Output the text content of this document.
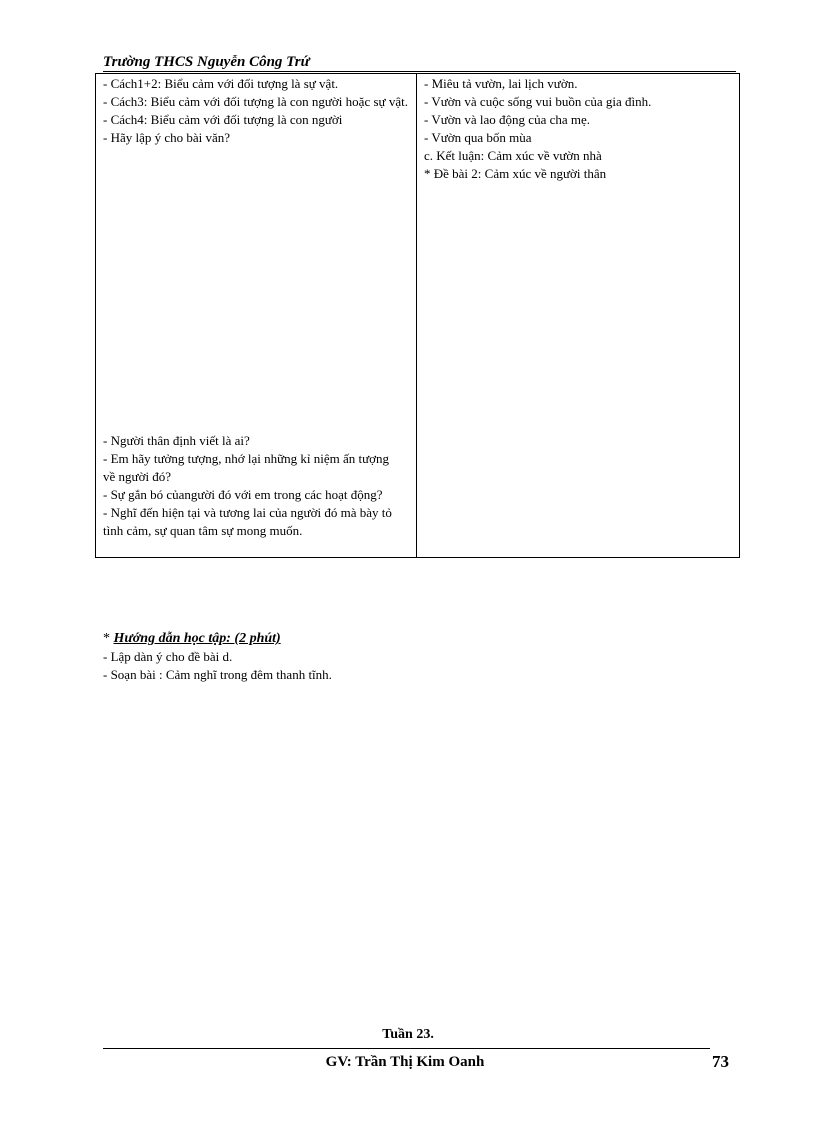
Trường THCS Nguyễn Công Trứ
- Cách1+2: Biểu cảm với đối tượng là sự vật.
- Cách3: Biểu cảm với đối tượng là con người hoặc sự vật.
- Cách4: Biểu cảm với đối tượng là con người
- Hãy lập ý cho bài văn?
- Người thân định viết là ai?
- Em hãy tưởng tượng, nhớ lại những kỉ niệm ấn tượng về người đó?
- Sự gắn bó củangười đó với em trong các hoạt động?
- Nghĩ đến hiện tại và tương lai của người đó mà bày tỏ tình cảm, sự quan tâm sự mong muốn.
- Miêu tả vườn, lai lịch vườn.
- Vườn và cuộc sống vui buồn của gia đình.
- Vườn và lao động của cha mẹ.
- Vườn qua bốn mùa
c. Kết luận: Cảm xúc về vườn nhà
* Đề bài 2: Cảm xúc về người thân
* Hướng dẫn học tập: (2 phút)
- Lập dàn ý cho đề bài d.
- Soạn bài : Cảm nghĩ trong đêm thanh tĩnh.
Tuần 23.
GV: Trần Thị Kim Oanh	73
